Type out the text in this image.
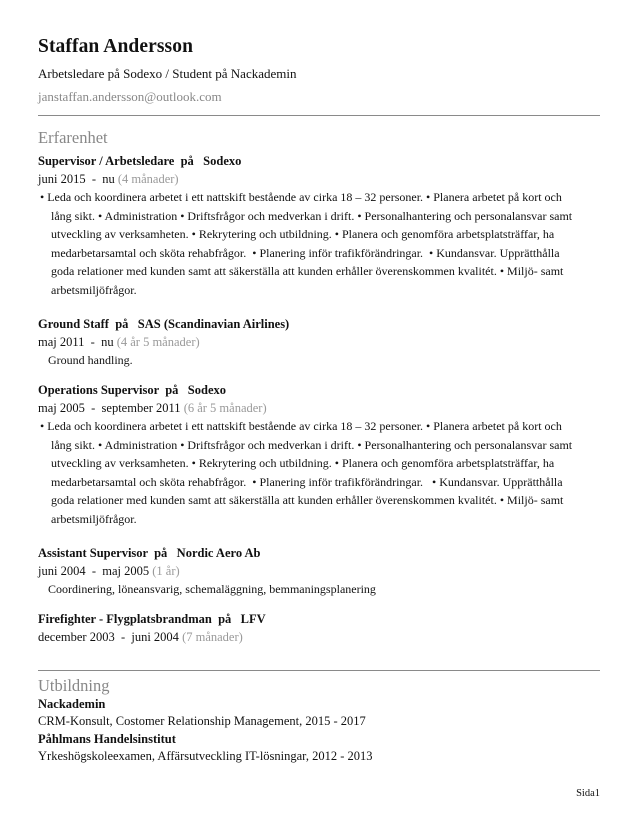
Staffan Andersson
Arbetsledare på Sodexo / Student på Nackademin
janstaffan.andersson@outlook.com
Erfarenhet
Supervisor / Arbetsledare  på   Sodexo
juni 2015  -  nu (4 månader)
• Leda och koordinera arbetet i ett nattskift bestående av cirka 18 – 32 personer. • Planera arbetet på kort och
lång sikt. • Administration • Driftsfrågor och medverkan i drift. • Personalhantering och personalansvar samt
utveckling av verksamheten. • Rekrytering och utbildning. • Planera och genomföra arbetsplatsträffar, ha
medarbetarsamtal och sköta rehabfrågor.  • Planering inför trafikförändringar.  • Kundansvar. Upprätthålla
goda relationer med kunden samt att säkerställa att kunden erhåller överenskommen kvalitét. • Miljö- samt
arbetsmiljöfrågor.
Ground Staff  på   SAS (Scandinavian Airlines)
maj 2011  -  nu (4 år 5 månader)
Ground handling.
Operations Supervisor  på   Sodexo
maj 2005  -  september 2011 (6 år 5 månader)
• Leda och koordinera arbetet i ett nattskift bestående av cirka 18 – 32 personer. • Planera arbetet på kort och
lång sikt. • Administration • Driftsfrågor och medverkan i drift. • Personalhantering och personalansvar samt
utveckling av verksamheten. • Rekrytering och utbildning. • Planera och genomföra arbetsplatsträffar, ha
medarbetarsamtal och sköta rehabfrågor.  • Planering inför trafikförändringar.   • Kundansvar. Upprätthålla
goda relationer med kunden samt att säkerställa att kunden erhåller överenskommen kvalitét. • Miljö- samt
arbetsmiljöfrågor.
Assistant Supervisor  på   Nordic Aero Ab
juni 2004  -  maj 2005 (1 år)
Coordinering, löneansvarig, schemaläggning, bemmaningsplanering
Firefighter - Flygplatsbrandman  på   LFV
december 2003  -  juni 2004 (7 månader)
Utbildning
Nackademin
CRM-Konsult, Costomer Relationship Management, 2015 - 2017
Påhlmans Handelsinstitut
Yrkeshögskoleexamen, Affärsutveckling IT-lösningar, 2012 - 2013
Sida1
